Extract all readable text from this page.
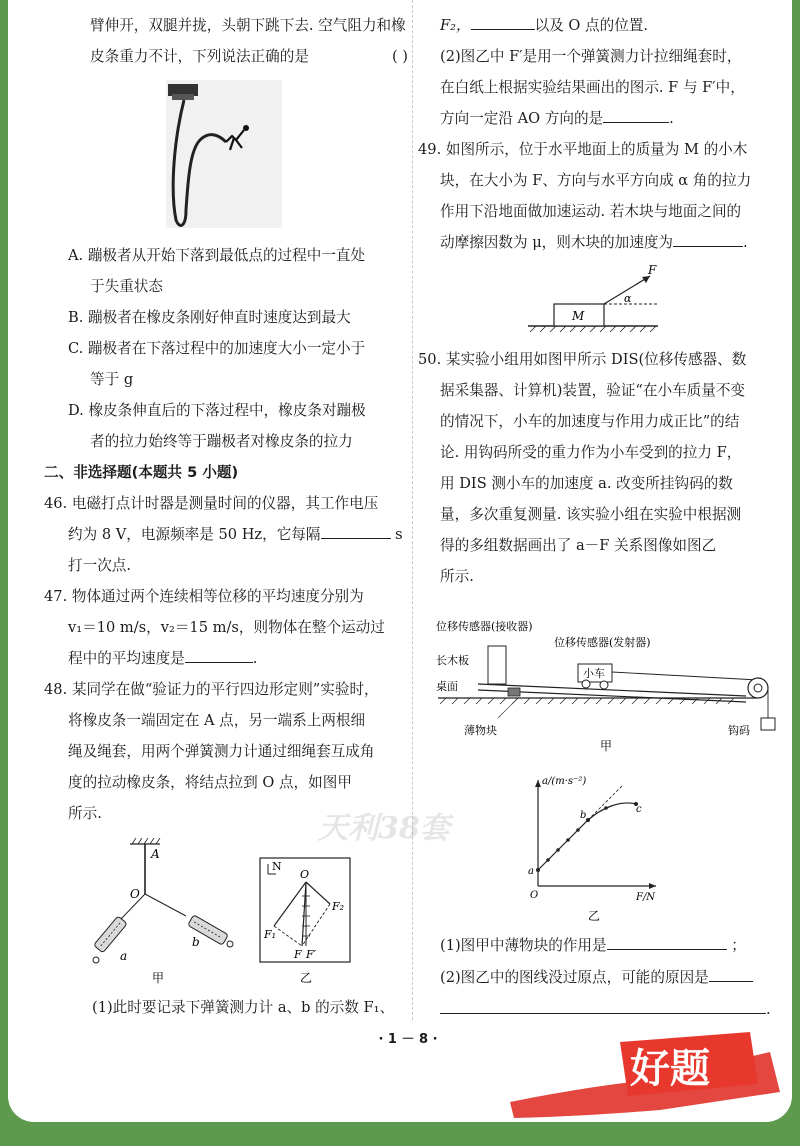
臂伸开，双腿并拢，头朝下跳下去. 空气阻力和橡

皮条重力不计，下列说法正确的是	( )

A. 蹦极者从开始下落到最低点的过程中一直处

于失重状态

B. 蹦极者在橡皮条刚好伸直时速度达到最大

C. 蹦极者在下落过程中的加速度大小一定小于

等于 g

D. 橡皮条伸直后的下落过程中，橡皮条对蹦极

者的拉力始终等于蹦极者对橡皮条的拉力

二、非选择题(本题共 5 小题)

46. 电磁打点计时器是测量时间的仪器，其工作电压

约为 8 V，电源频率是 50 Hz，它每隔	s

打一次点.

47. 物体通过两个连续相等位移的平均速度分别为

v₁＝10 m/s，v₂＝15 m/s，则物体在整个运动过

程中的平均速度是	.

48. 某同学在做“验证力的平行四边形定则”实验时，

将橡皮条一端固定在 A 点，另一端系上两根细

绳及绳套，用两个弹簧测力计通过细绳套互成角

度的拉动橡皮条，将结点拉到 O 点，如图甲

所示.

A
O
a
b
甲
N
O
F₁
F₂
F F′
乙

(1)此时要记录下弹簧测力计 a、b 的示数 F₁、

F₂，	以及 O 点的位置.

(2)图乙中 F′是用一个弹簧测力计拉细绳套时，

在白纸上根据实验结果画出的图示. F 与 F′中，

方向一定沿 AO 方向的是	.

49. 如图所示，位于水平地面上的质量为 M 的小木

块，在大小为 F、方向与水平方向成 α 角的拉力

作用下沿地面做加速运动. 若木块与地面之间的

动摩擦因数为 μ，则木块的加速度为	.

M
F
α

50. 某实验小组用如图甲所示 DIS(位移传感器、数

据采集器、计算机)装置，验证“在小车质量不变

的情况下，小车的加速度与作用力成正比”的结

论. 用钩码所受的重力作为小车受到的拉力 F，

用 DIS 测小车的加速度 a. 改变所挂钩码的数

量，多次重复测量. 该实验小组在实验中根据测

得的多组数据画出了 a－F 关系图像如图乙

所示.

位移传感器(接收器)
位移传感器(发射器)
长木板
桌面
小车
薄物块	钩码
甲
a/(m·s⁻²)
F/N
O
a
b
c
乙

(1)图甲中薄物块的作用是	；

(2)图乙中的图线没过原点，可能的原因是

.

天利38套
· 1 － 8 ·
好题
